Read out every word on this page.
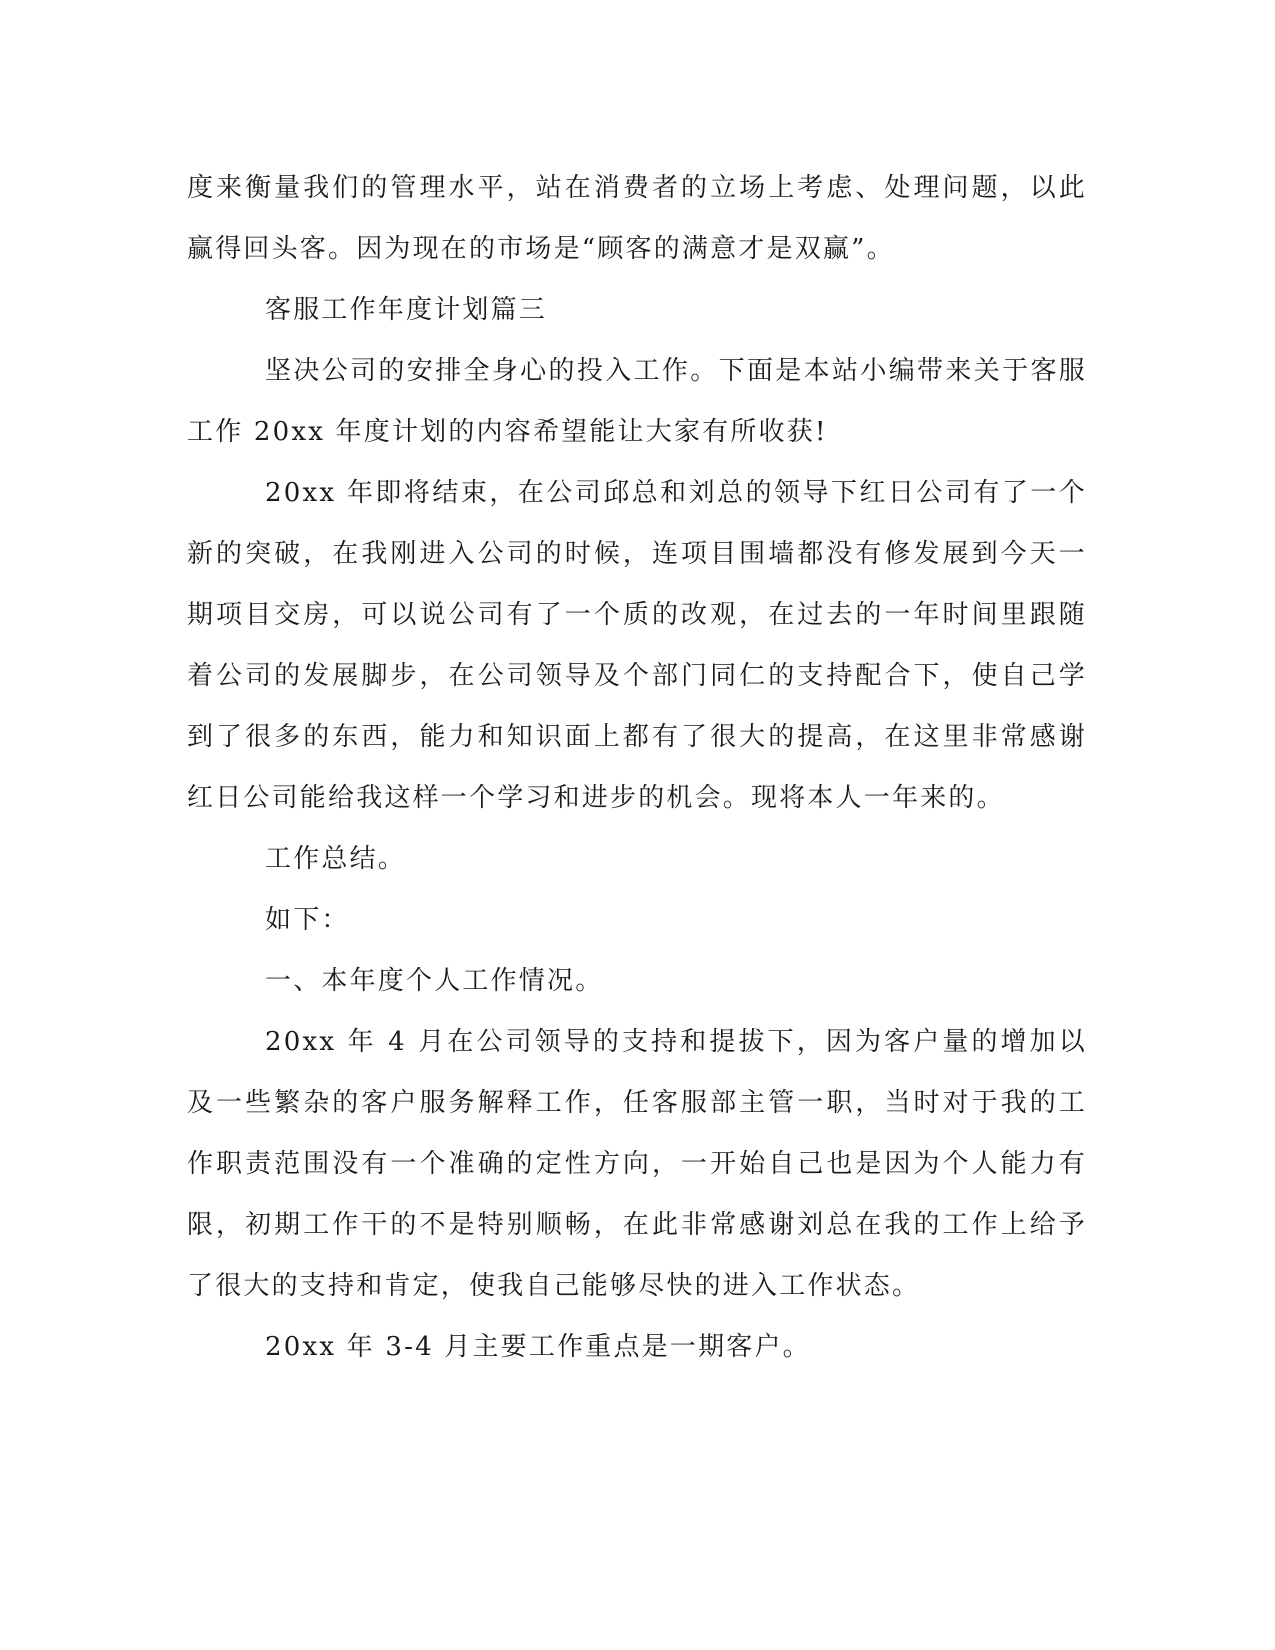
度来衡量我们的管理水平，站在消费者的立场上考虑、处理问题，以此赢得回头客。因为现在的市场是“顾客的满意才是双赢”。

客服工作年度计划篇三

坚决公司的安排全身心的投入工作。下面是本站小编带来关于客服工作 20xx 年度计划的内容希望能让大家有所收获!

20xx 年即将结束，在公司邱总和刘总的领导下红日公司有了一个新的突破，在我刚进入公司的时候，连项目围墙都没有修发展到今天一期项目交房，可以说公司有了一个质的改观，在过去的一年时间里跟随着公司的发展脚步，在公司领导及个部门同仁的支持配合下，使自己学到了很多的东西，能力和知识面上都有了很大的提高，在这里非常感谢红日公司能给我这样一个学习和进步的机会。现将本人一年来的。

工作总结。

如下：

一、本年度个人工作情况。

20xx 年 4 月在公司领导的支持和提拔下，因为客户量的增加以及一些繁杂的客户服务解释工作，任客服部主管一职，当时对于我的工作职责范围没有一个准确的定性方向，一开始自己也是因为个人能力有限，初期工作干的不是特别顺畅，在此非常感谢刘总在我的工作上给予了很大的支持和肯定，使我自己能够尽快的进入工作状态。

20xx 年 3-4 月主要工作重点是一期客户。
